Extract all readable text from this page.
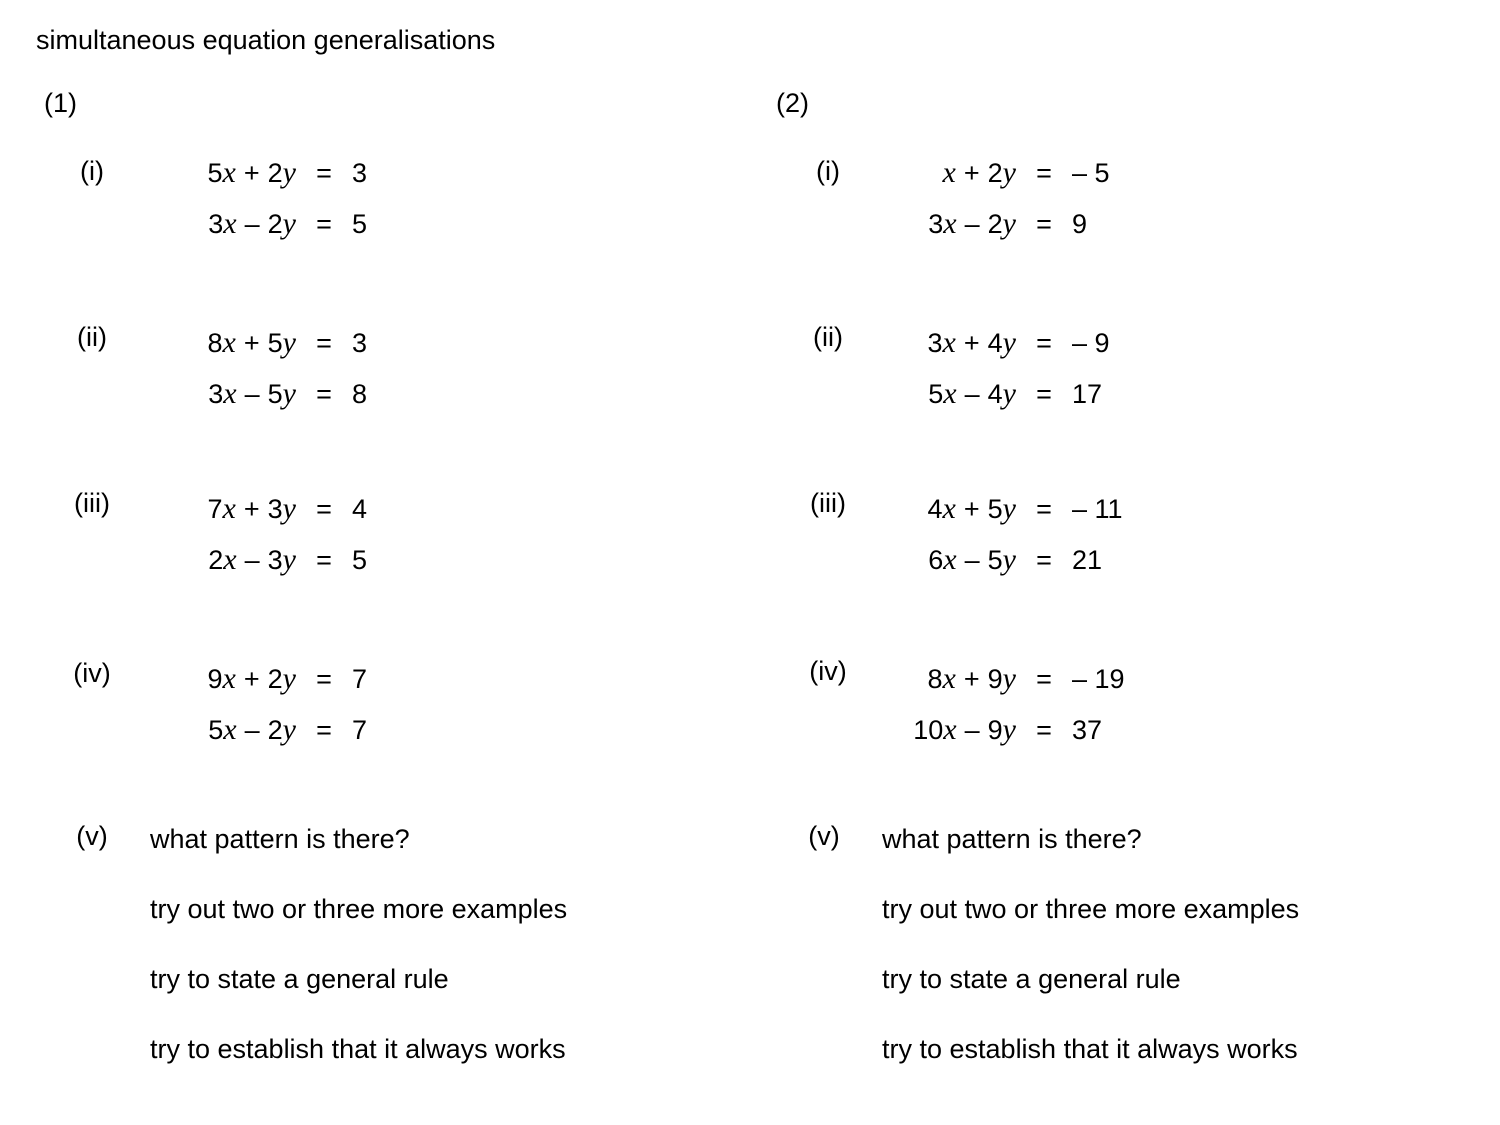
simultaneous equation generalisations
(1)
(i)	5x + 2y = 3
3x – 2y = 5
(ii)	8x + 5y = 3
3x – 5y = 8
(iii)	7x + 3y = 4
2x – 3y = 5
(iv)	9x + 2y = 7
5x – 2y = 7
(v)	what pattern is there?
try out two or three more examples
try to state a general rule
try to establish that it always works
(2)
(i)	x + 2y = – 5
3x – 2y = 9
(ii)	3x + 4y = – 9
5x – 4y = 17
(iii)	4x + 5y = – 11
6x – 5y = 21
(iv)	8x + 9y = – 19
10x – 9y = 37
(v)	what pattern is there?
try out two or three more examples
try to state a general rule
try to establish that it always works
